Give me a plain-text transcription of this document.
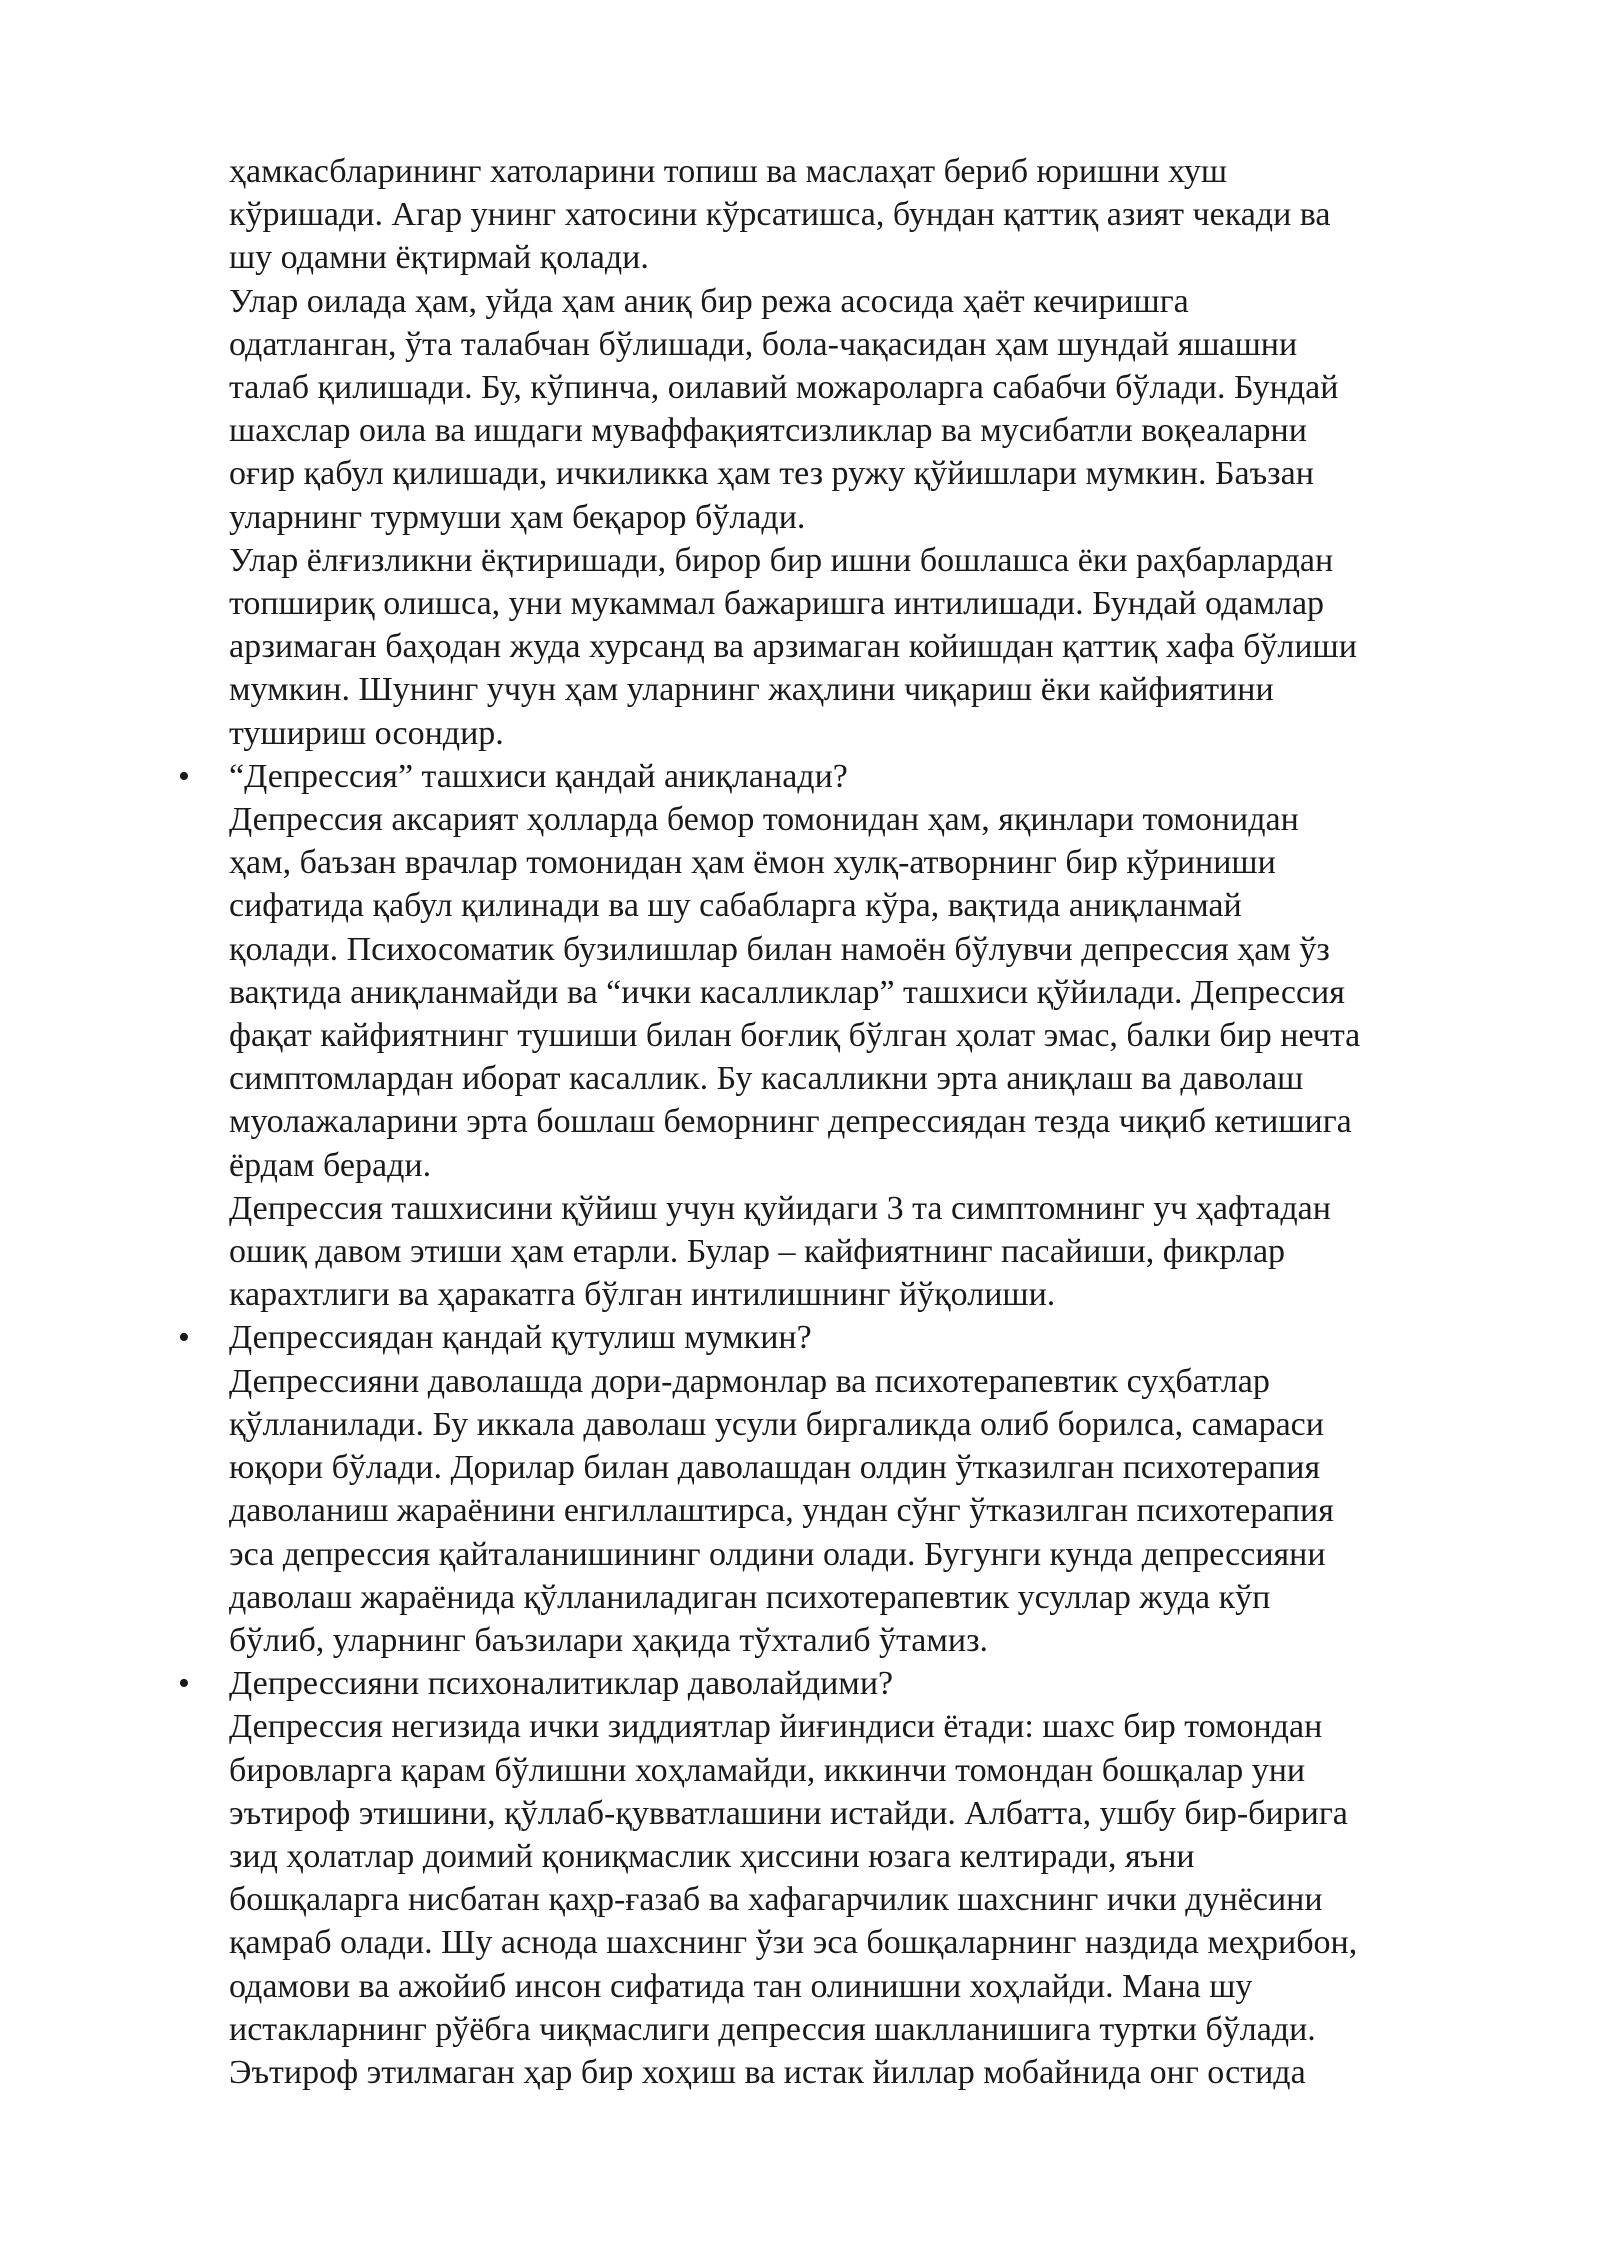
ҳамкасбларининг хатоларини топиш ва маслаҳат бериб юришни хуш
кўришади. Агар унинг хатосини кўрсатишса, бундан қаттиқ азият чекади ва
шу одамни ёқтирмай қолади.
Улар оилада ҳам, уйда ҳам аниқ бир режа асосида ҳаёт кечиришга
одатланган, ўта талабчан бўлишади, бола-чақасидан ҳам шундай яшашни
талаб қилишади. Бу, кўпинча, оилавий можароларга сабабчи бўлади. Бундай
шахслар оила ва ишдаги муваффақиятсизликлар ва мусибатли воқеаларни
оғир қабул қилишади, ичкиликка ҳам тез ружу қўйишлари мумкин. Баъзан
уларнинг турмуши ҳам беқарор бўлади.
Улар ёлғизликни ёқтиришади, бирор бир ишни бошлашса ёки раҳбарлардан
топшириқ олишса, уни мукаммал бажаришга интилишади. Бундай одамлар
арзимаган баҳодан жуда хурсанд ва арзимаган койишдан қаттиқ хафа бўлиши
мумкин. Шунинг учун ҳам уларнинг жаҳлини чиқариш ёки кайфиятини
тушириш осондир.
• “Депрессия” ташхиси қандай аниқланади?
Депрессия аксарият ҳолларда бемор томонидан ҳам, яқинлари томонидан
ҳам, баъзан врачлар томонидан ҳам ёмон хулқ-атворнинг бир кўриниши
сифатида қабул қилинади ва шу сабабларга кўра, вақтида аниқланмай
қолади. Психосоматик бузилишлар билан намоён бўлувчи депрессия ҳам ўз
вақтида аниқланмайди ва “ички касалликлар” ташхиси қўйилади. Депрессия
фақат кайфиятнинг тушиши билан боғлиқ бўлган ҳолат эмас, балки бир нечта
симптомлардан иборат касаллик. Бу касалликни эрта аниқлаш ва даволаш
муолажаларини эрта бошлаш беморнинг депрессиядан тезда чиқиб кетишига
ёрдам беради.
Депрессия ташхисини қўйиш учун қуйидаги 3 та симптомнинг уч ҳафтадан
ошиқ давом этиши ҳам етарли. Булар – кайфиятнинг пасайиши, фикрлар
карахтлиги ва ҳаракатга бўлган интилишнинг йўқолиши.
• Депрессиядан қандай қутулиш мумкин?
Депрессияни даволашда дори-дармонлар ва психотерапевтик суҳбатлар
қўлланилади. Бу иккала даволаш усули биргаликда олиб борилса, самараси
юқори бўлади. Дорилар билан даволашдан олдин ўтказилган психотерапия
даволаниш жараёнини енгиллаштирса, ундан сўнг ўтказилган психотерапия
эса депрессия қайталанишининг олдини олади. Бугунги кунда депрессияни
даволаш жараёнида қўлланиладиган психотерапевтик усуллар жуда кўп
бўлиб, уларнинг баъзилари ҳақида тўхталиб ўтамиз.
• Депрессияни психоналитиклар даволайдими?
Депрессия негизида ички зиддиятлар йиғиндиси ётади: шахс бир томондан
бировларга қарам бўлишни хоҳламайди, иккинчи томондан бошқалар уни
эътироф этишини, қўллаб-қувватлашини истайди. Албатта, ушбу бир-бирига
зид ҳолатлар доимий қониқмаслик ҳиссини юзага келтиради, яъни
бошқаларга нисбатан қаҳр-ғазаб ва хафагарчилик шахснинг ички дунёсини
қамраб олади. Шу аснода шахснинг ўзи эса бошқаларнинг наздида меҳрибон,
одамови ва ажойиб инсон сифатида тан олинишни хоҳлайди. Мана шу
истакларнинг рўёбга чиқмаслиги депрессия шаклланишига туртки бўлади.
Эътироф этилмаган ҳар бир хоҳиш ва истак йиллар мобайнида онг остида
